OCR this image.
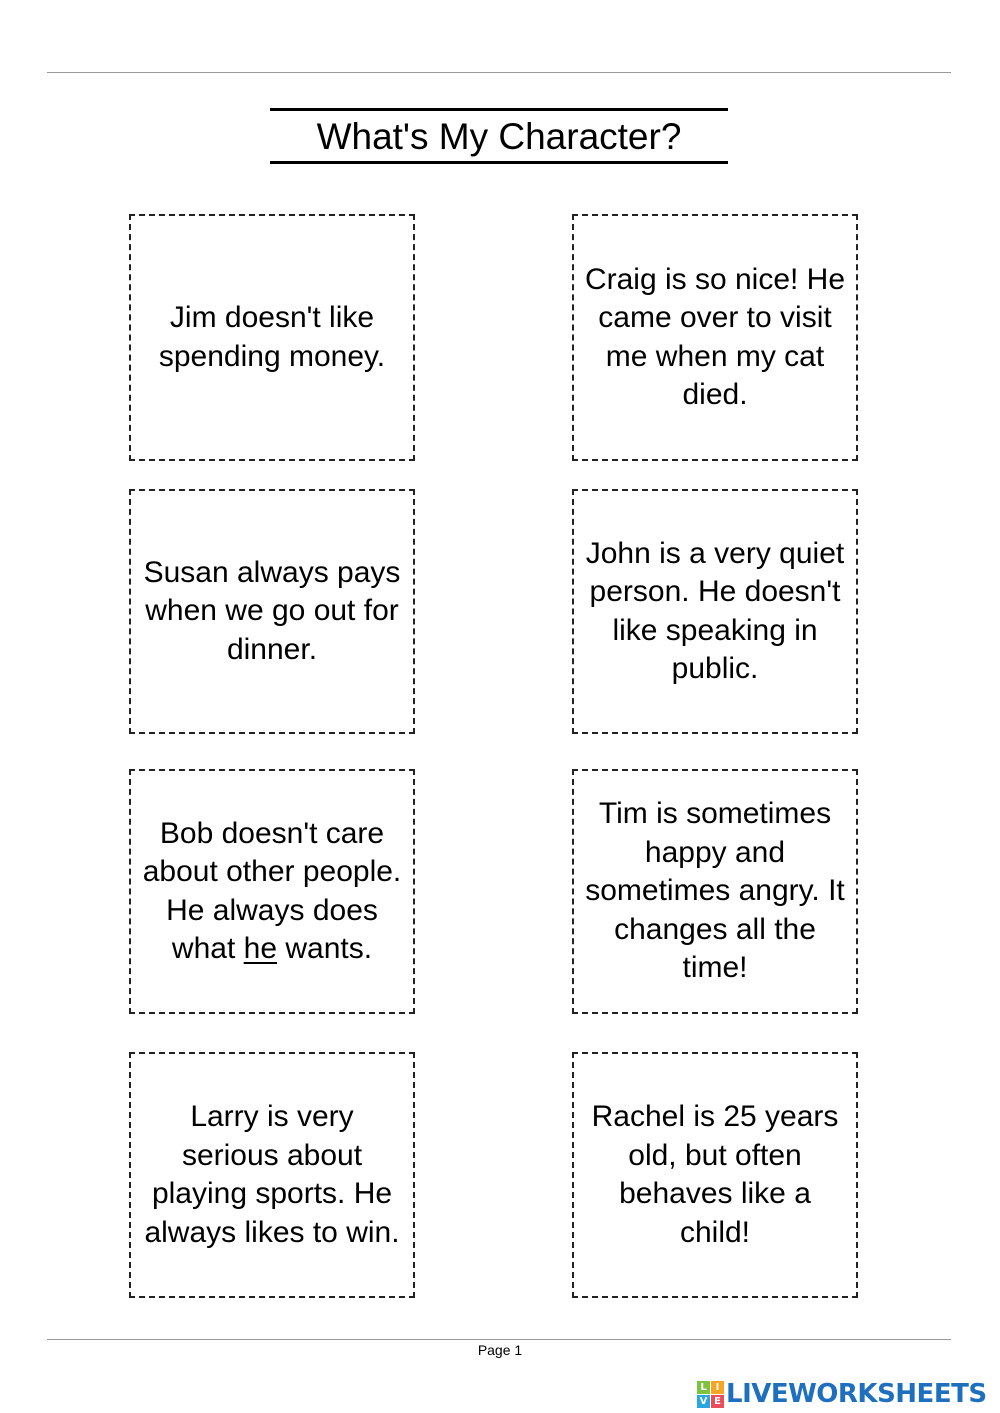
What's My Character?
Jim doesn't like spending money.
Craig is so nice! He came over to visit me when my cat died.
Susan always pays when we go out for dinner.
John is a very quiet person. He doesn't like speaking in public.
Bob doesn't care about other people. He always does what he wants.
Tim is sometimes happy and sometimes angry. It changes all the time!
Larry is very serious about playing sports. He always likes to win.
Rachel is 25 years old, but often behaves like a child!
Page 1
L I
V E LIVEWORKSHEETS
